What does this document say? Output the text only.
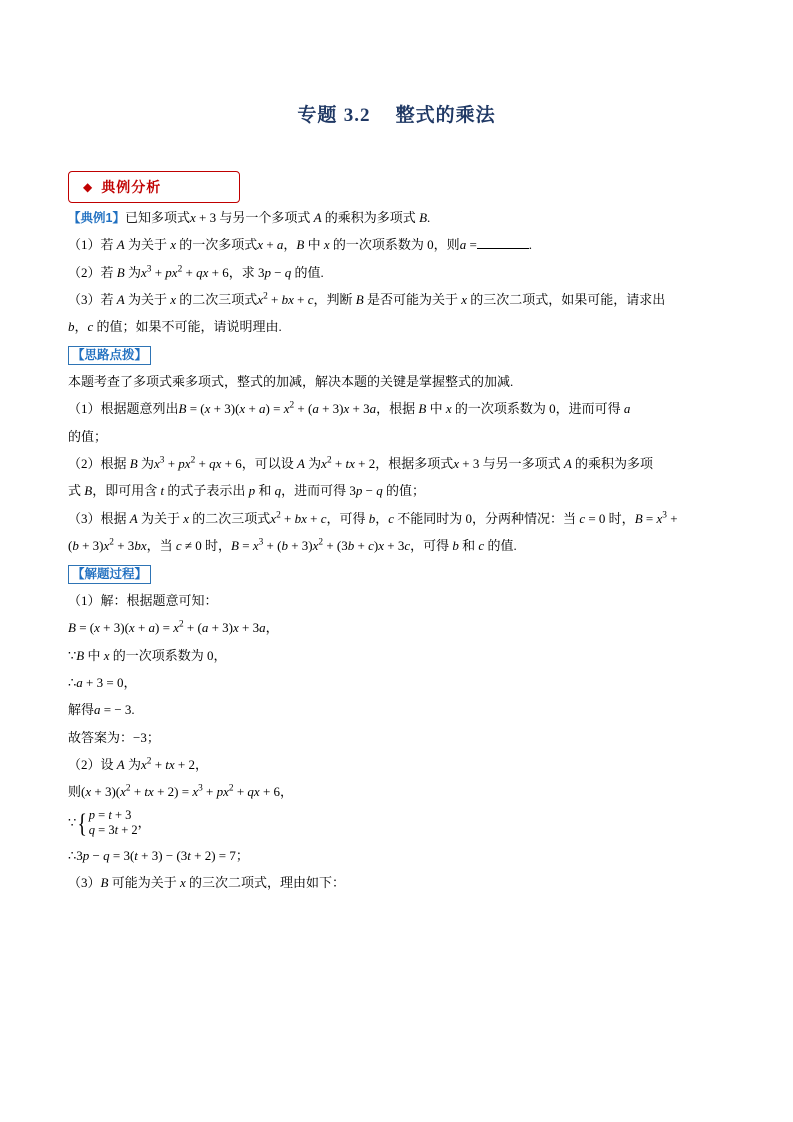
专题 3.2 整式的乘法
◆ 典例分析

【典例1】已知多项式x + 3 与另一个多项式 A 的乘积为多项式 B.

（1）若 A 为关于 x 的一次多项式x + a，B 中 x 的一次项系数为 0，则a =	.

（2）若 B 为$x^3 + px^2$ + qx + 6，求 3p − q 的值.

（3）若 A 为关于 x 的二次三项式$x^2$ + bx + c，判断 B 是否可能为关于 x 的三次二项式，如果可能，请求出

b，c 的值；如果不可能，请说明理由.

【思路点拨】

本题考查了多项式乘多项式，整式的加减，解决本题的关键是掌握整式的加减.

（1）根据题意列出$B = (x + 3)(x + a) = x^2 + (a + 3)x + 3a$，根据 B 中 x 的一次项系数为 0，进而可得 a

的值；

（2）根据 B 为$x^3 + px^2$ + qx + 6，可以设 A 为$x^2$ + tx + 2，根据多项式x + 3 与另一多项式 A 的乘积为多项

式 B，即可用含 t 的式子表示出 p 和 q，进而可得 3p − q 的值；

（3）根据 A 为关于 x 的二次三项式$x^2$ + bx + c，可得 b，c 不能同时为 0，分两种情况：当 c = 0 时，$B = x^3$ +

$(b + 3)x^2 + 3bx$，当 c ≠ 0 时，$B = x^3 + (b + 3)x^2 + (3b + c)x + 3c$，可得 b 和 c 的值.

【解题过程】

（1）解：根据题意可知：

$B = (x + 3)(x + a) = x^2 + (a + 3)x + 3a$，

∵B 中 x 的一次项系数为 0，

∴a + 3 = 0，

解得a = − 3.

故答案为：−3；

（2）设 A 为$x^2$ + tx + 2，

则$(x + 3)(x^2$ + tx + $2) = x^3 + px^2$ + qx + 6，

∵ { p = t + 3
q = 3t + 2
，

∴3p − q = 3(t + 3) − (3t + 2) = 7；

（3）B 可能为关于 x 的三次二项式，理由如下：
